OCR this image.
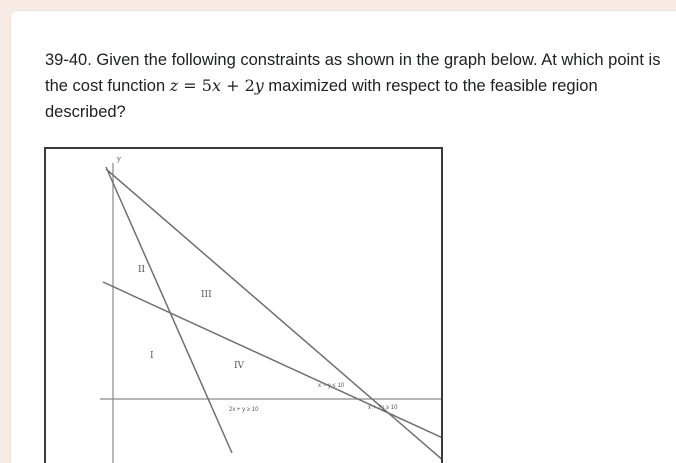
39-40. Given the following constraints as shown in the graph below. At which point is the cost function z = 5x + 2y maximized with respect to the feasible region described?
y
II
III
I
IV
x − y ≤ 10
x + 2y ≥ 10
2x + y ≥ 10
